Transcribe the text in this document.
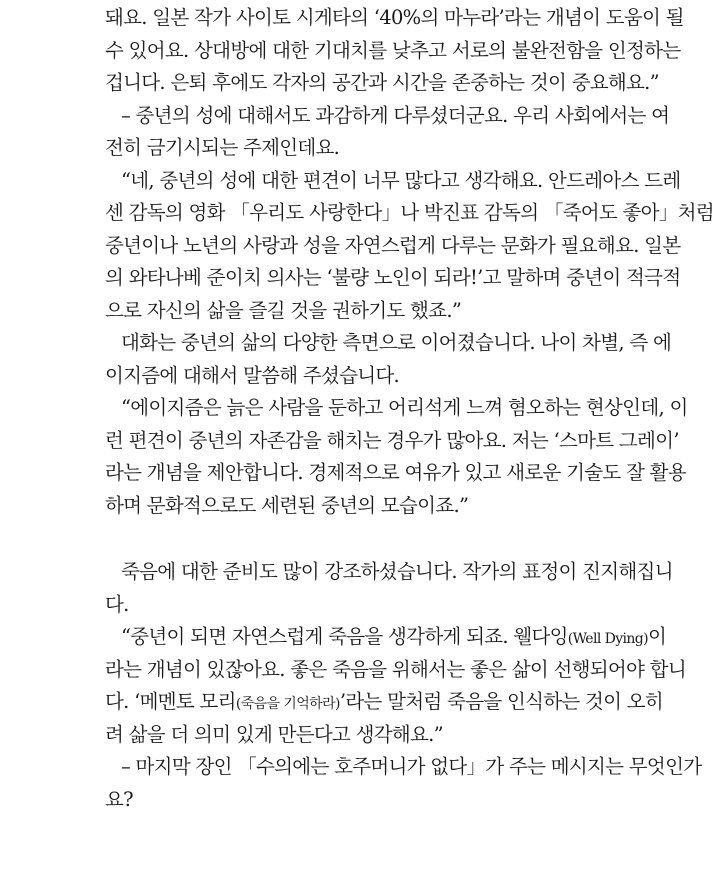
돼요. 일본 작가 사이토 시게타의 ‘40%의 마누라’라는 개념이 도움이 될
수 있어요. 상대방에 대한 기대치를 낮추고 서로의 불완전함을 인정하는
겁니다. 은퇴 후에도 각자의 공간과 시간을 존중하는 것이 중요해요.”
– 중년의 성에 대해서도 과감하게 다루셨더군요. 우리 사회에서는 여
전히 금기시되는 주제인데요.
“네, 중년의 성에 대한 편견이 너무 많다고 생각해요. 안드레아스 드레
센 감독의 영화 「우리도 사랑한다」나 박진표 감독의 「죽어도 좋아」처럼
중년이나 노년의 사랑과 성을 자연스럽게 다루는 문화가 필요해요. 일본
의 와타나베 준이치 의사는 ‘불량 노인이 되라!’고 말하며 중년이 적극적
으로 자신의 삶을 즐길 것을 권하기도 했죠.”
대화는 중년의 삶의 다양한 측면으로 이어졌습니다. 나이 차별, 즉 에
이지즘에 대해서 말씀해 주셨습니다.
“에이지즘은 늙은 사람을 둔하고 어리석게 느껴 혐오하는 현상인데, 이
런 편견이 중년의 자존감을 해치는 경우가 많아요. 저는 ‘스마트 그레이’
라는 개념을 제안합니다. 경제적으로 여유가 있고 새로운 기술도 잘 활용
하며 문화적으로도 세련된 중년의 모습이죠.”
죽음에 대한 준비도 많이 강조하셨습니다. 작가의 표정이 진지해집니
다.
“중년이 되면 자연스럽게 죽음을 생각하게 되죠. 웰다잉(Well Dying)이
라는 개념이 있잖아요. 좋은 죽음을 위해서는 좋은 삶이 선행되어야 합니
다. ‘메멘토 모리(죽음을 기억하라)’라는 말처럼 죽음을 인식하는 것이 오히
려 삶을 더 의미 있게 만든다고 생각해요.”
– 마지막 장인 「수의에는 호주머니가 없다」가 주는 메시지는 무엇인가
요?
